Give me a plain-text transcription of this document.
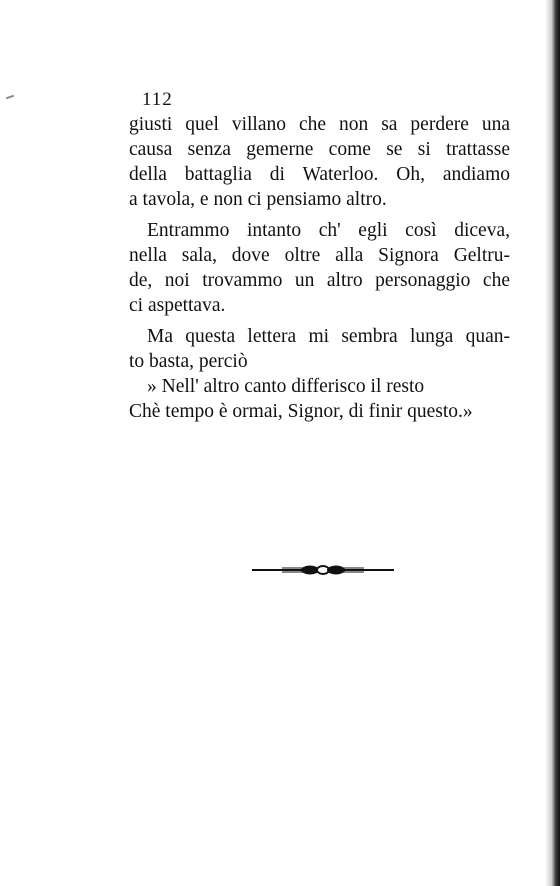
112
giusti quel villano che non sa perdere una
causa senza gemerne come se si trattasse
della battaglia di Waterloo. Oh, andiamo
a tavola, e non ci pensiamo altro.
Entrammo intanto ch' egli così diceva,
nella sala, dove oltre alla Signora Geltru-
de, noi trovammo un altro personaggio che
ci aspettava.
Ma questa lettera mi sembra lunga quan-
to basta, perciò
» Nell' altro canto differisco il resto
Chè tempo è ormai, Signor, di finir questo.»
